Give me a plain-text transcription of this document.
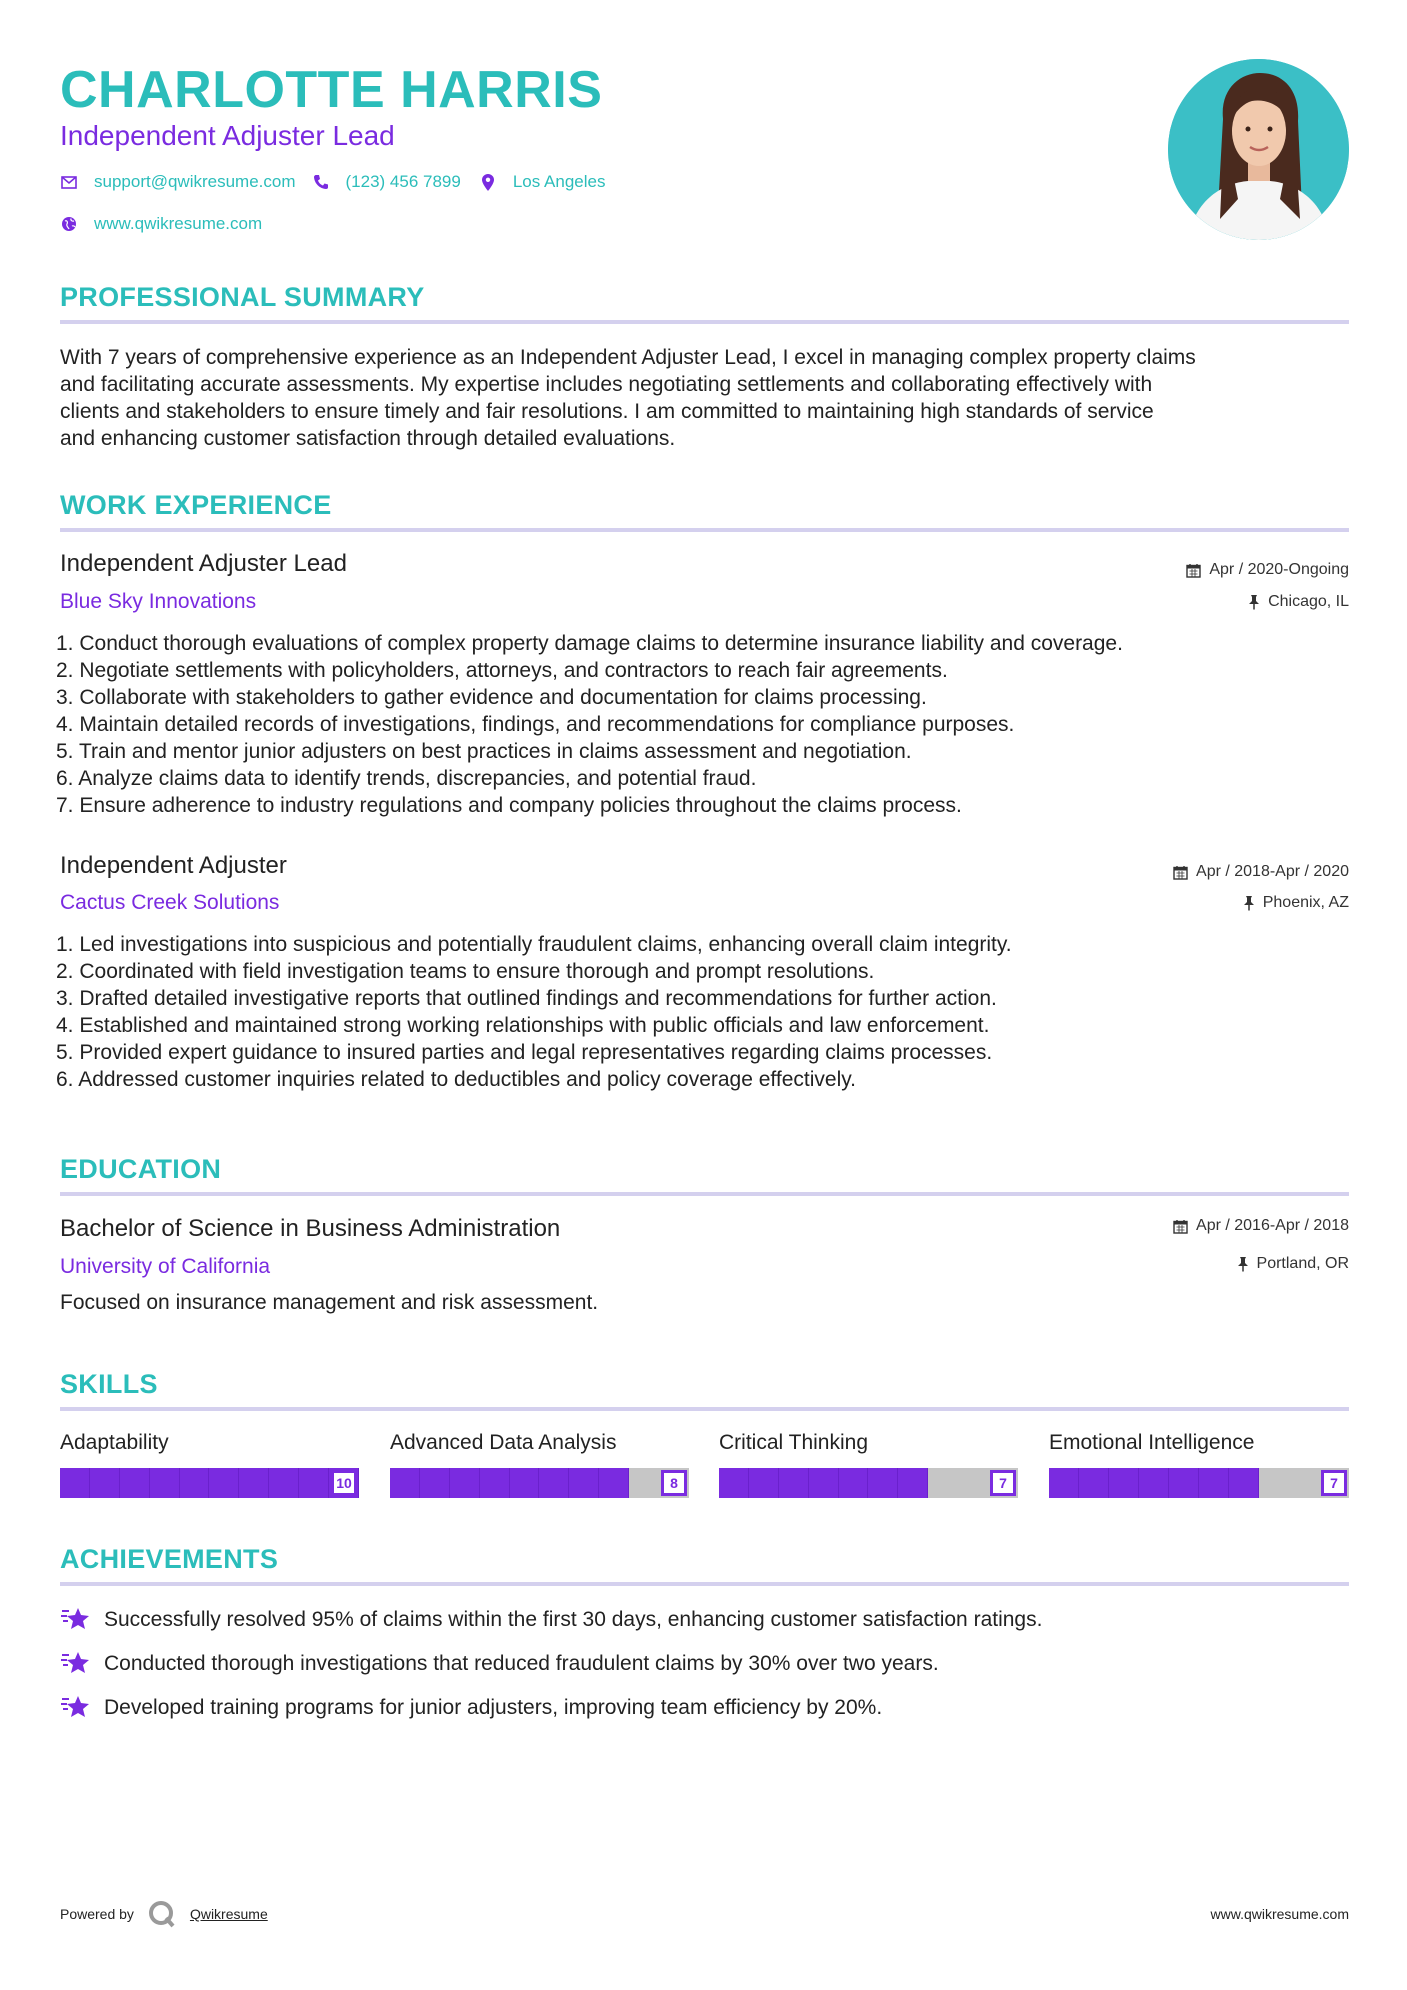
CHARLOTTE HARRIS
Independent Adjuster Lead
support@qwikresume.com	(123) 456 7899	Los Angeles
www.qwikresume.com
PROFESSIONAL SUMMARY
With 7 years of comprehensive experience as an Independent Adjuster Lead, I excel in managing complex property claims
and facilitating accurate assessments. My expertise includes negotiating settlements and collaborating effectively with
clients and stakeholders to ensure timely and fair resolutions. I am committed to maintaining high standards of service
and enhancing customer satisfaction through detailed evaluations.
WORK EXPERIENCE
Independent Adjuster Lead
Blue Sky Innovations
Apr / 2020-Ongoing
Chicago, IL
1. Conduct thorough evaluations of complex property damage claims to determine insurance liability and coverage.
2. Negotiate settlements with policyholders, attorneys, and contractors to reach fair agreements.
3. Collaborate with stakeholders to gather evidence and documentation for claims processing.
4. Maintain detailed records of investigations, findings, and recommendations for compliance purposes.
5. Train and mentor junior adjusters on best practices in claims assessment and negotiation.
6. Analyze claims data to identify trends, discrepancies, and potential fraud.
7. Ensure adherence to industry regulations and company policies throughout the claims process.
Independent Adjuster
Cactus Creek Solutions
Apr / 2018-Apr / 2020
Phoenix, AZ
1. Led investigations into suspicious and potentially fraudulent claims, enhancing overall claim integrity.
2. Coordinated with field investigation teams to ensure thorough and prompt resolutions.
3. Drafted detailed investigative reports that outlined findings and recommendations for further action.
4. Established and maintained strong working relationships with public officials and law enforcement.
5. Provided expert guidance to insured parties and legal representatives regarding claims processes.
6. Addressed customer inquiries related to deductibles and policy coverage effectively.
EDUCATION
Bachelor of Science in Business Administration
University of California
Apr / 2016-Apr / 2018
Portland, OR
Focused on insurance management and risk assessment.
SKILLS
Adaptability
10
Advanced Data Analysis
8
Critical Thinking
7
Emotional Intelligence
7
ACHIEVEMENTS
Successfully resolved 95% of claims within the first 30 days, enhancing customer satisfaction ratings.
Conducted thorough investigations that reduced fraudulent claims by 30% over two years.
Developed training programs for junior adjusters, improving team efficiency by 20%.
Powered by	Qwikresume	www.qwikresume.com
